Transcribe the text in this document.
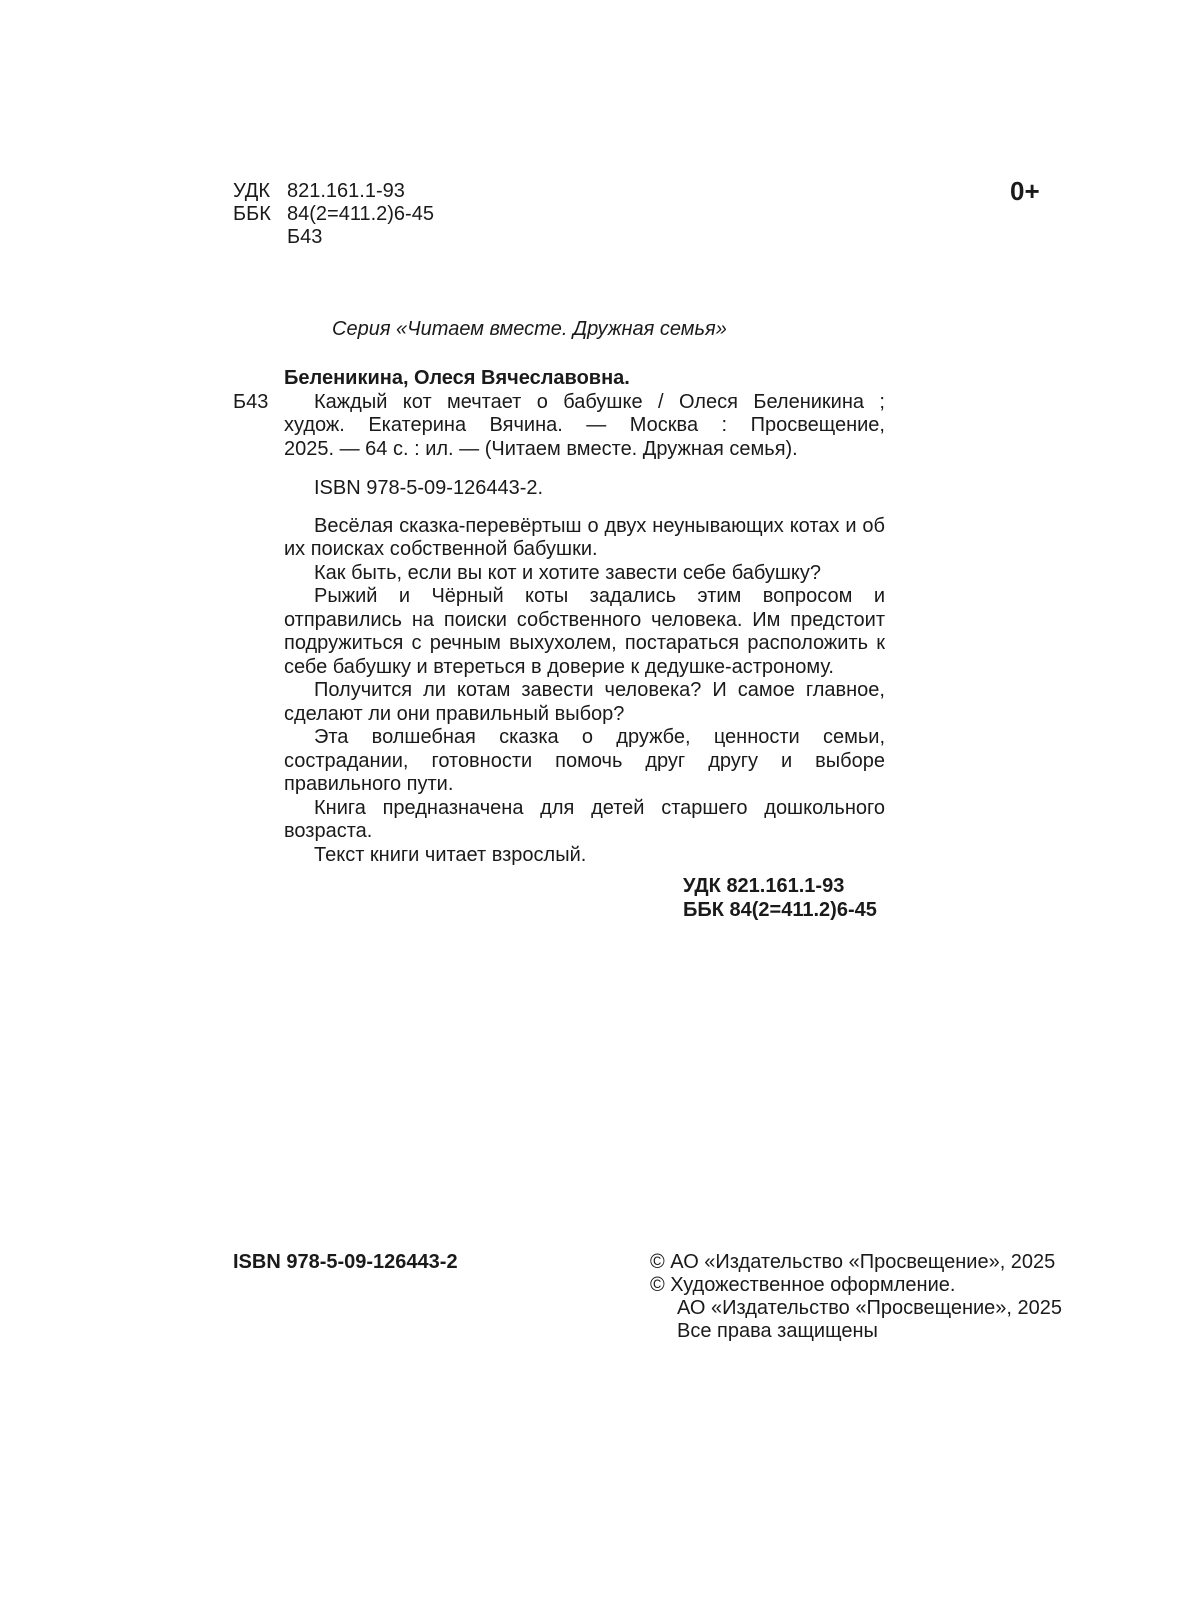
УДК 821.161.1-93
ББК 84(2=411.2)6-45
Б43
0+
Серия «Читаем вместе. Дружная семья»
Беленикина, Олеся Вячеславовна.
Б43	Каждый кот мечтает о бабушке / Олеся Беленикина ;
худож. Екатерина Вячина. — Москва : Просвещение,
2025. — 64 с. : ил. — (Читаем вместе. Дружная семья).
ISBN 978-5-09-126443-2.

Весёлая сказка-перевёртыш о двух неунывающих котах и об их поисках собственной бабушки.

Как быть, если вы кот и хотите завести себе бабушку?

Рыжий и Чёрный коты задались этим вопросом и отправились на поиски собственного человека. Им предстоит подружиться с речным выхухолем, постараться расположить к себе бабушку и втереться в доверие к дедушке-астроному.

Получится ли котам завести человека? И самое главное, сделают ли они правильный выбор?

Эта волшебная сказка о дружбе, ценности семьи, сострадании, готовности помочь друг другу и выборе правильного пути.

Книга предназначена для детей старшего дошкольного возраста.

Текст книги читает взрослый.

УДК 821.161.1-93
ББК 84(2=411.2)6-45
ISBN 978-5-09-126443-2	© АО «Издательство «Просвещение», 2025
© Художественное оформление.
АО «Издательство «Просвещение», 2025
Все права защищены
